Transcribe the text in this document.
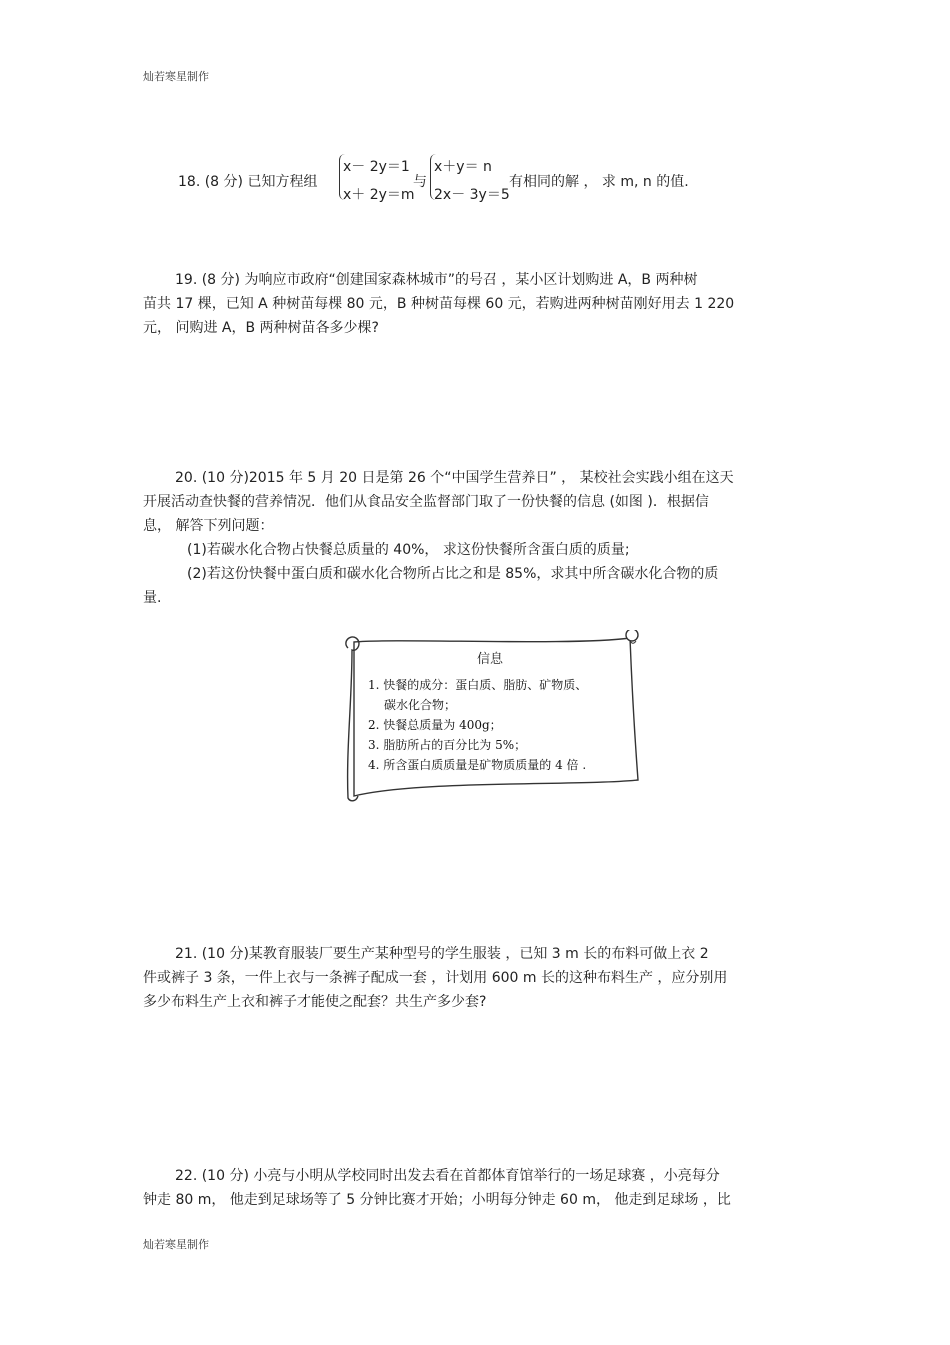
灿若寒星制作
18. (8 分) 已知方程组
x－ 2y＝1
x＋ 2y＝m
与
x＋y＝ n
2x－ 3y＝5
有相同的解 ， 求 m, n 的值.
19. (8 分) 为响应市政府“创建国家森林城市”的号召 ，某小区计划购进 A，B 两种树
苗共 17 棵，已知 A 种树苗每棵 80 元，B 种树苗每棵 60 元，若购进两种树苗刚好用去 1 220
元， 问购进 A，B 两种树苗各多少棵?
20. (10 分)2015 年 5 月 20 日是第 26 个“中国学生营养日” ， 某校社会实践小组在这天
开展活动查快餐的营养情况．他们从食品安全监督部门取了一份快餐的信息 (如图 )．根据信
息， 解答下列问题：
(1)若碳水化合物占快餐总质量的 40%， 求这份快餐所含蛋白质的质量;
(2)若这份快餐中蛋白质和碳水化合物所占比之和是 85%，求其中所含碳水化合物的质
量.
信息
1. 快餐的成分：蛋白质、脂肪、矿物质、
碳水化合物；
2. 快餐总质量为 400g；
3. 脂肪所占的百分比为 5%；
4. 所含蛋白质质量是矿物质质量的 4 倍 .
21. (10 分)某教育服装厂要生产某种型号的学生服装 ，已知 3 m 长的布料可做上衣 2
件或裤子 3 条，一件上衣与一条裤子配成一套 ，计划用 600 m 长的这种布料生产 ，应分别用
多少布料生产上衣和裤子才能使之配套？共生产多少套?
22. (10 分) 小亮与小明从学校同时出发去看在首都体育馆举行的一场足球赛 ，小亮每分
钟走 80 m， 他走到足球场等了 5 分钟比赛才开始；小明每分钟走 60 m， 他走到足球场 ，比
灿若寒星制作
